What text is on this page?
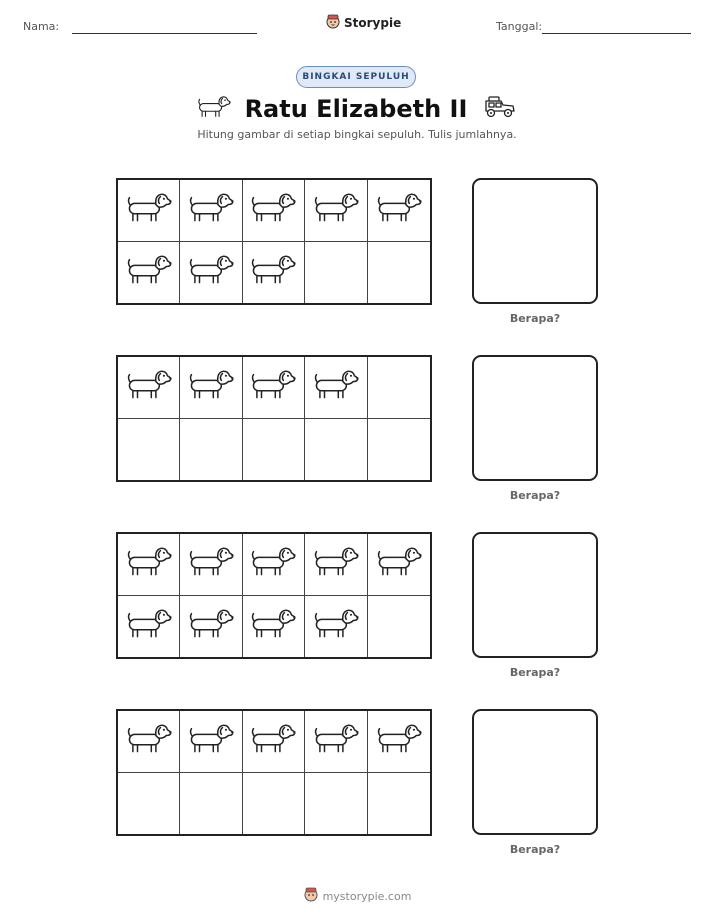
Nama:	Storypie	Tanggal:
BINGKAI SEPULUH
Ratu Elizabeth II
Hitung gambar di setiap bingkai sepuluh. Tulis jumlahnya.
Berapa?
Berapa?
Berapa?
Berapa?
mystorypie.com
